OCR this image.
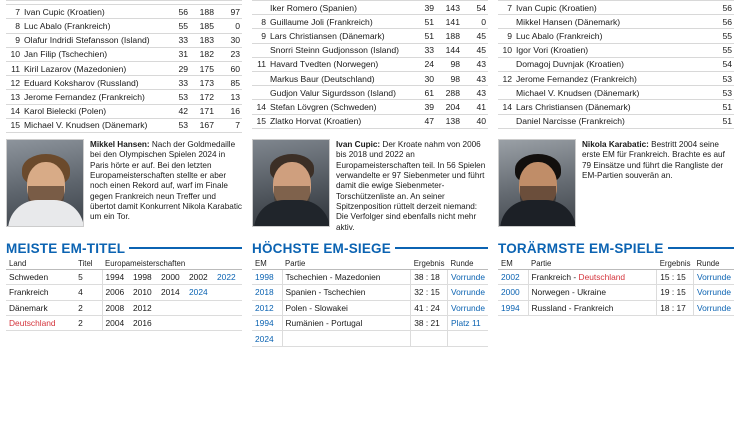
7	Ivan Cupic (Kroatien)	56	188	97
8	Luc Abalo (Frankreich)	55	185	0
9	Olafur Indridi Stefansson (Island)	33	183	30
10	Jan Filip (Tschechien)	31	182	23
11	Kiril Lazarov (Mazedonien)	29	175	60
12	Eduard Koksharov (Russland)	33	173	85
13	Jerome Fernandez (Frankreich)	53	172	13
14	Karol Bielecki (Polen)	42	171	16
15	Michael V. Knudsen (Dänemark)	53	167	7
	Iker Romero (Spanien)	39	143	54
8	Guillaume Joli (Frankreich)	51	141	0
9	Lars Christiansen (Dänemark)	51	188	45
	Snorri Steinn Gudjonsson (Island)	33	144	45
11	Havard Tvedten (Norwegen)	24	98	43
	Markus Baur (Deutschland)	30	98	43
	Gudjon Valur Sigurdsson (Island)	61	288	43
14	Stefan Lövgren (Schweden)	39	204	41
15	Zlatko Horvat (Kroatien)	47	138	40
7	Ivan Cupic (Kroatien)			56
	Mikkel Hansen (Dänemark)			56
9	Luc Abalo (Frankreich)			55
10	Igor Vori (Kroatien)			55
	Domagoj Duvnjak (Kroatien)			54
12	Jerome Fernandez (Frankreich)			53
	Michael V. Knudsen (Dänemark)			53
14	Lars Christiansen (Dänemark)			51
	Daniel Narcisse (Frankreich)			51
Mikkel Hansen: Nach der Goldmedaille bei den Olympischen Spielen 2024 in Paris hörte er auf. Bei den letzten Europameisterschaften stellte er aber noch einen Rekord auf, warf im Finale gegen Frankreich neun Treffer und übertot damit Konkurrent Nikola Karabatic um ein Tor.
Ivan Cupic: Der Kroate nahm von 2006 bis 2018 und 2022 an Europameisterschaften teil. In 56 Spielen verwandelte er 97 Siebenmeter und führt damit die ewige Siebenmeter-Torschützenliste an. An seiner Spitzenposition rüttelt derzeit niemand: Die Verfolger sind ebenfalls nicht mehr aktiv.
Nikola Karabatic: Bestritt 2004 seine erste EM für Frankreich. Brachte es auf 79 Einsätze und führt die Rangliste der EM-Partien souverän an.
MEISTE EM-TITEL
Land	Titel	Europameisterschaften				
Schweden	5	1994	1998	2000	2002	2022
Frankreich	4	2006	2010	2014	2024	
Dänemark	2	2008	2012			
Deutschland	2	2004	2016			
HÖCHSTE EM-SIEGE
EM	Partie	Ergebnis	Runde
1998	Tschechien - Mazedonien	38 : 18	Vorrunde
2018	Spanien - Tschechien	32 : 15	Vorrunde
2012	Polen - Slowakei	41 : 24	Vorrunde
1994	Rumänien - Portugal	38 : 21	Platz 11
2024			
TORÄRMSTE EM-SPIELE
EM	Partie	Ergebnis	Runde
2002	Frankreich - Deutschland	15 : 15	Vorrunde
2000	Norwegen - Ukraine	19 : 15	Vorrunde
1994	Russland - Frankreich	18 : 17	Vorrunde
